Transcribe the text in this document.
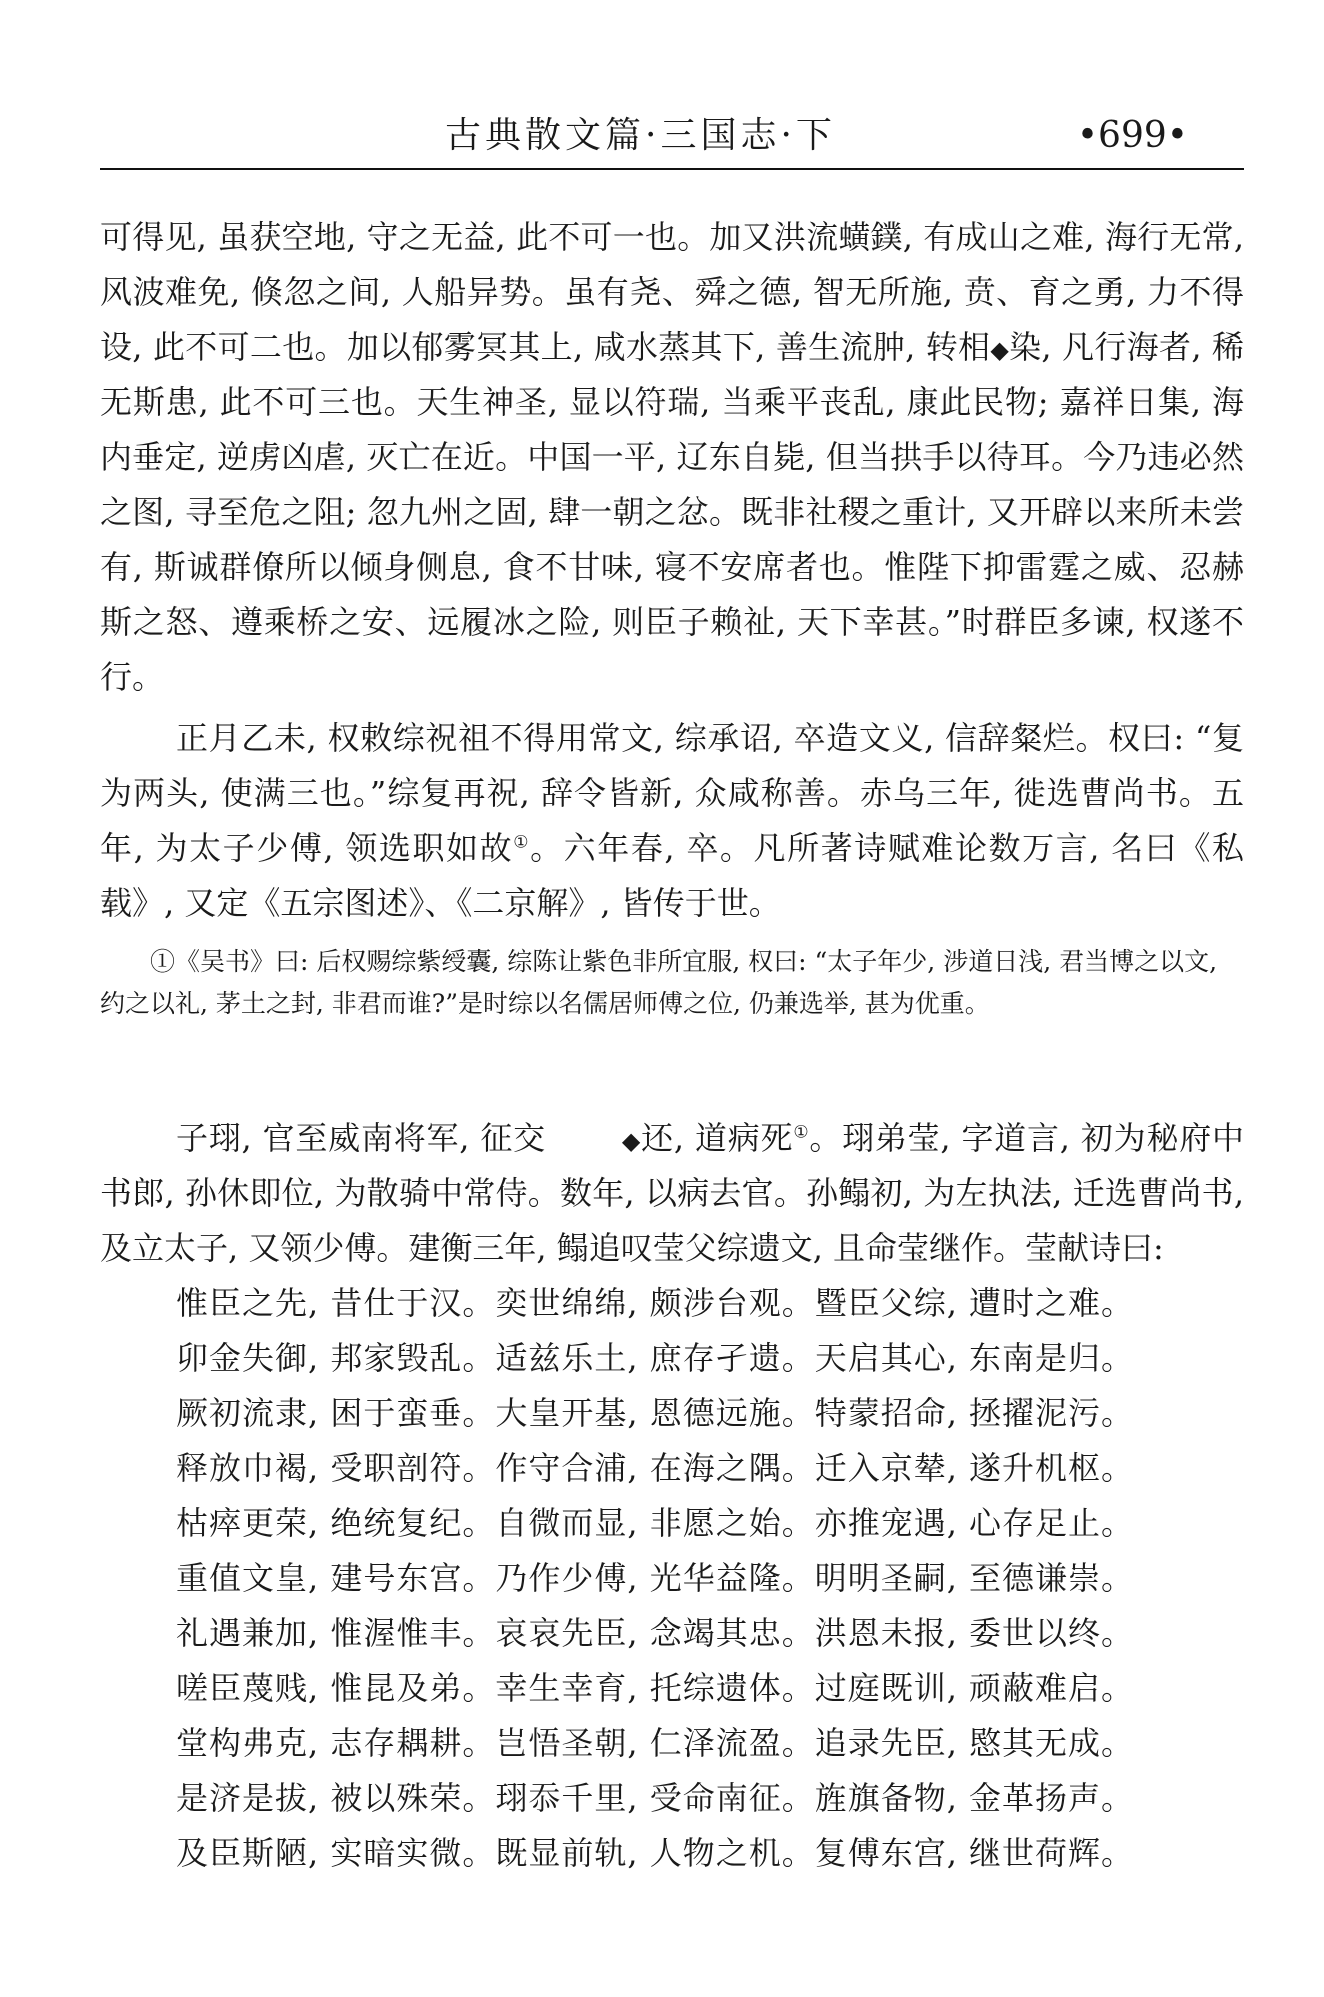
古典散文篇·三国志·下	•699•

可得见, 虽获空地, 守之无益, 此不可一也。加又洪流蟥鏷, 有成山之难, 海行无常, 风波难免, 倏忽之间, 人船异势。虽有尧、舜之德, 智无所施, 贲、育之勇, 力不得设, 此不可二也。加以郁雾冥其上, 咸水蒸其下, 善生流肿, 转相◆染, 凡行海者, 稀无斯患, 此不可三也。天生神圣, 显以符瑞, 当乘平丧乱, 康此民物; 嘉祥日集, 海内垂定, 逆虏凶虐, 灭亡在近。中国一平, 辽东自毙, 但当拱手以待耳。今乃违必然之图, 寻至危之阻; 忽九州之固, 肆一朝之忿。既非社稷之重计, 又开辟以来所未尝有, 斯诚群僚所以倾身侧息, 食不甘味, 寝不安席者也。惟陛下抑雷霆之威、忍赫斯之怒、遵乘桥之安、远履冰之险, 则臣子赖祉, 天下幸甚。”时群臣多谏, 权遂不行。

正月乙未, 权敕综祝祖不得用常文, 综承诏, 卒造文义, 信辞粲烂。权曰: “复为两头, 使满三也。”综复再祝, 辞令皆新, 众咸称善。赤乌三年, 徙选曹尚书。五年, 为太子少傅, 领选职如故①。六年春, 卒。凡所著诗赋难论数万言, 名曰《私载》, 又定《五宗图述》、《二京解》, 皆传于世。

①《吴书》曰: 后权赐综紫绶囊, 综陈让紫色非所宜服, 权曰: “太子年少, 涉道日浅, 君当博之以文, 约之以礼, 茅土之封, 非君而谁?”是时综以名儒居师傅之位, 仍兼选举, 甚为优重。

子珝, 官至威南将军, 征交	◆还, 道病死①。珝弟莹, 字道言, 初为秘府中书郎, 孙休即位, 为散骑中常侍。数年, 以病去官。孙鳎初, 为左执法, 迁选曹尚书, 及立太子, 又领少傅。建衡三年, 鳎追叹莹父综遗文, 且命莹继作。莹献诗曰:

惟臣之先, 昔仕于汉。奕世绵绵, 颇涉台观。暨臣父综, 遭时之难。

卯金失御, 邦家毁乱。适兹乐土, 庶存孑遗。天启其心, 东南是归。

厥初流隶, 困于蛮垂。大皇开基, 恩德远施。特蒙招命, 拯擢泥污。

释放巾褐, 受职剖符。作守合浦, 在海之隅。迁入京辇, 遂升机枢。

枯瘁更荣, 绝统复纪。自微而显, 非愿之始。亦推宠遇, 心存足止。

重值文皇, 建号东宫。乃作少傅, 光华益隆。明明圣嗣, 至德谦崇。

礼遇兼加, 惟渥惟丰。哀哀先臣, 念竭其忠。洪恩未报, 委世以终。

嗟臣蔑贱, 惟昆及弟。幸生幸育, 托综遗体。过庭既训, 顽蔽难启。

堂构弗克, 志存耦耕。岂悟圣朝, 仁泽流盈。追录先臣, 愍其无成。

是济是拔, 被以殊荣。珝忝千里, 受命南征。旌旗备物, 金革扬声。

及臣斯陋, 实暗实微。既显前轨, 人物之机。复傅东宫, 继世荷辉。
